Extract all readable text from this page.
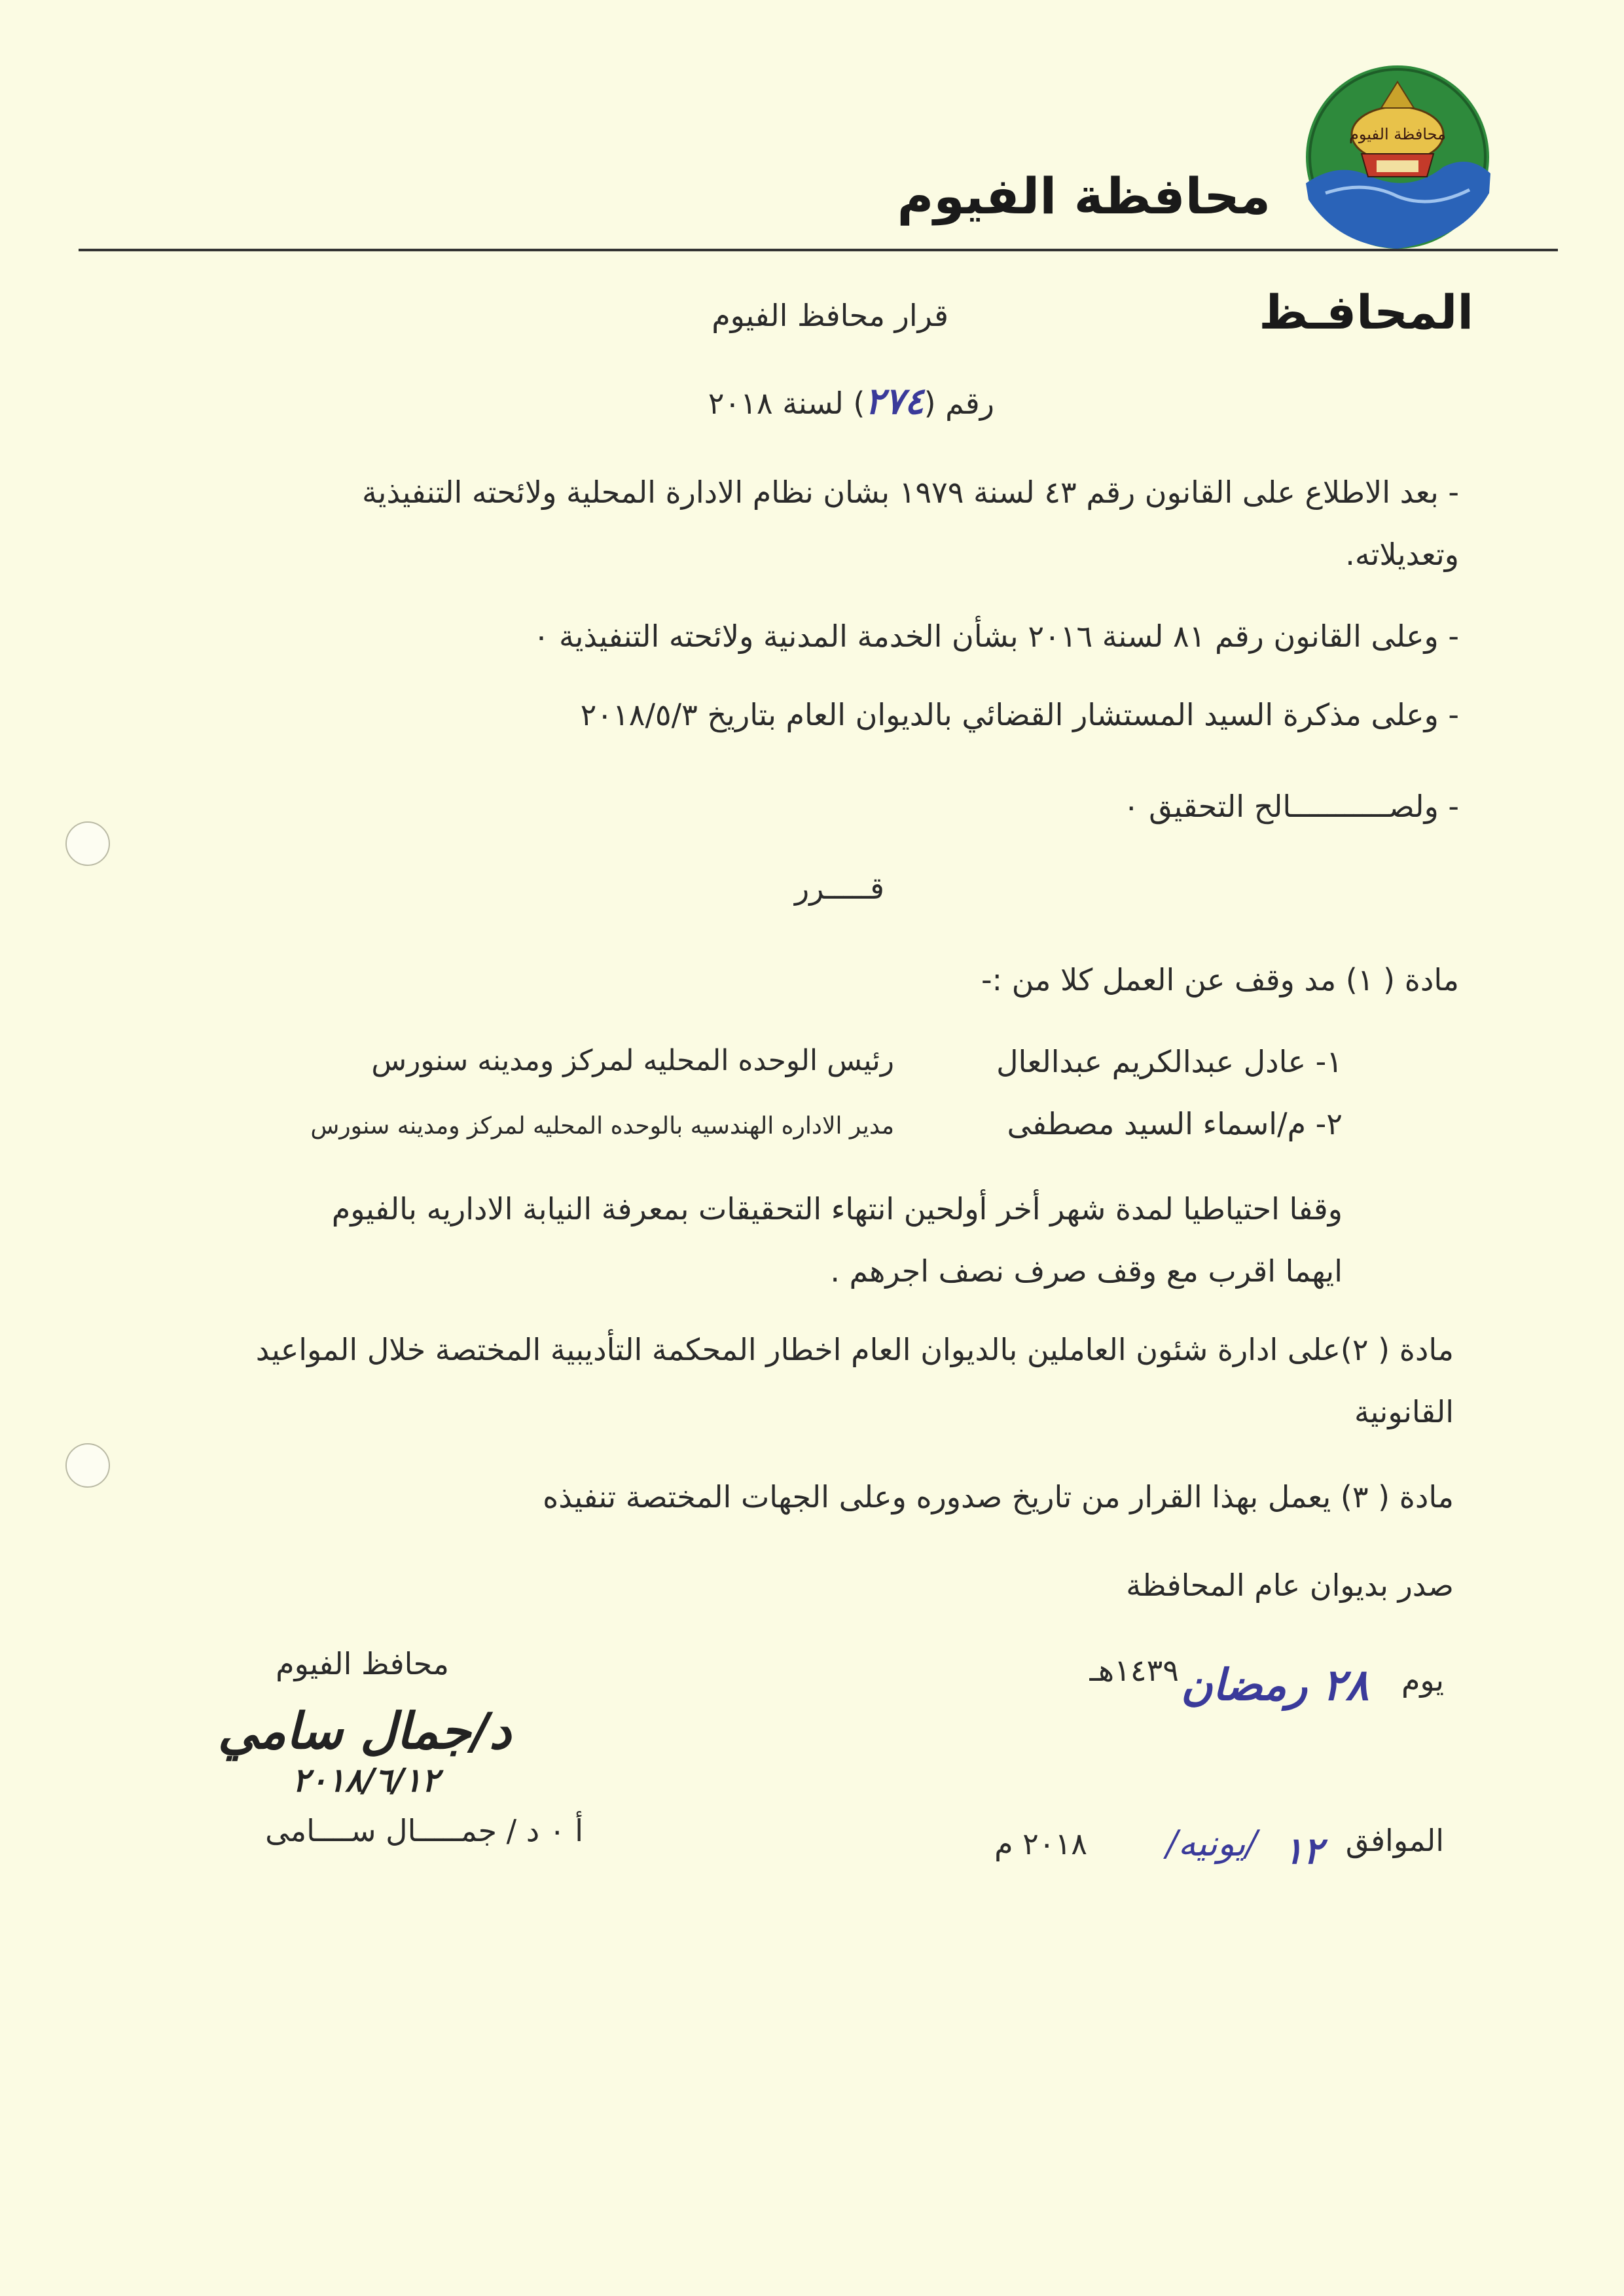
محافظة الفيوم
محافظة الفيوم
المحافـظ
قرار محافظ الفيوم
رقم (٢٧٤) لسنة ٢٠١٨
- بعد الاطلاع على القانون رقم ٤٣ لسنة ١٩٧٩ بشان نظام الادارة المحلية ولائحته التنفيذية
وتعديلاته.
- وعلى القانون رقم ٨١ لسنة ٢٠١٦ بشأن الخدمة المدنية ولائحته التنفيذية ٠
- وعلى مذكرة السيد المستشار القضائي بالديوان العام بتاريخ ٢٠١٨/٥/٣
- ولصـــــــــــالح التحقيق ٠
قـــــرر
مادة ( ١) مد وقف عن العمل كلا من :-
١- عادل عبدالكريم عبدالعال
رئيس الوحده المحليه لمركز ومدينه سنورس
٢- م/اسماء السيد مصطفى
مدير الاداره الهندسيه بالوحده المحليه لمركز ومدينه سنورس
وقفا احتياطيا لمدة شهر أخر أولحين انتهاء التحقيقات بمعرفة النيابة الاداريه بالفيوم
ايهما اقرب مع وقف صرف نصف اجرهم .
مادة ( ٢)على ادارة شئون العاملين بالديوان العام اخطار المحكمة التأديبية المختصة خلال المواعيد
القانونية
مادة ( ٣) يعمل بهذا القرار من تاريخ صدوره وعلى الجهات المختصة تنفيذه
صدر بديوان عام المحافظة
يوم
٢٨ رمضان
١٤٣٩هـ
الموافق
١٢
/يونيه/
٢٠١٨ م
محافظ الفيوم
د/جمال سامي
٢٠١٨/٦/١٢
أ ٠ د / جمـــــال ســــامى
